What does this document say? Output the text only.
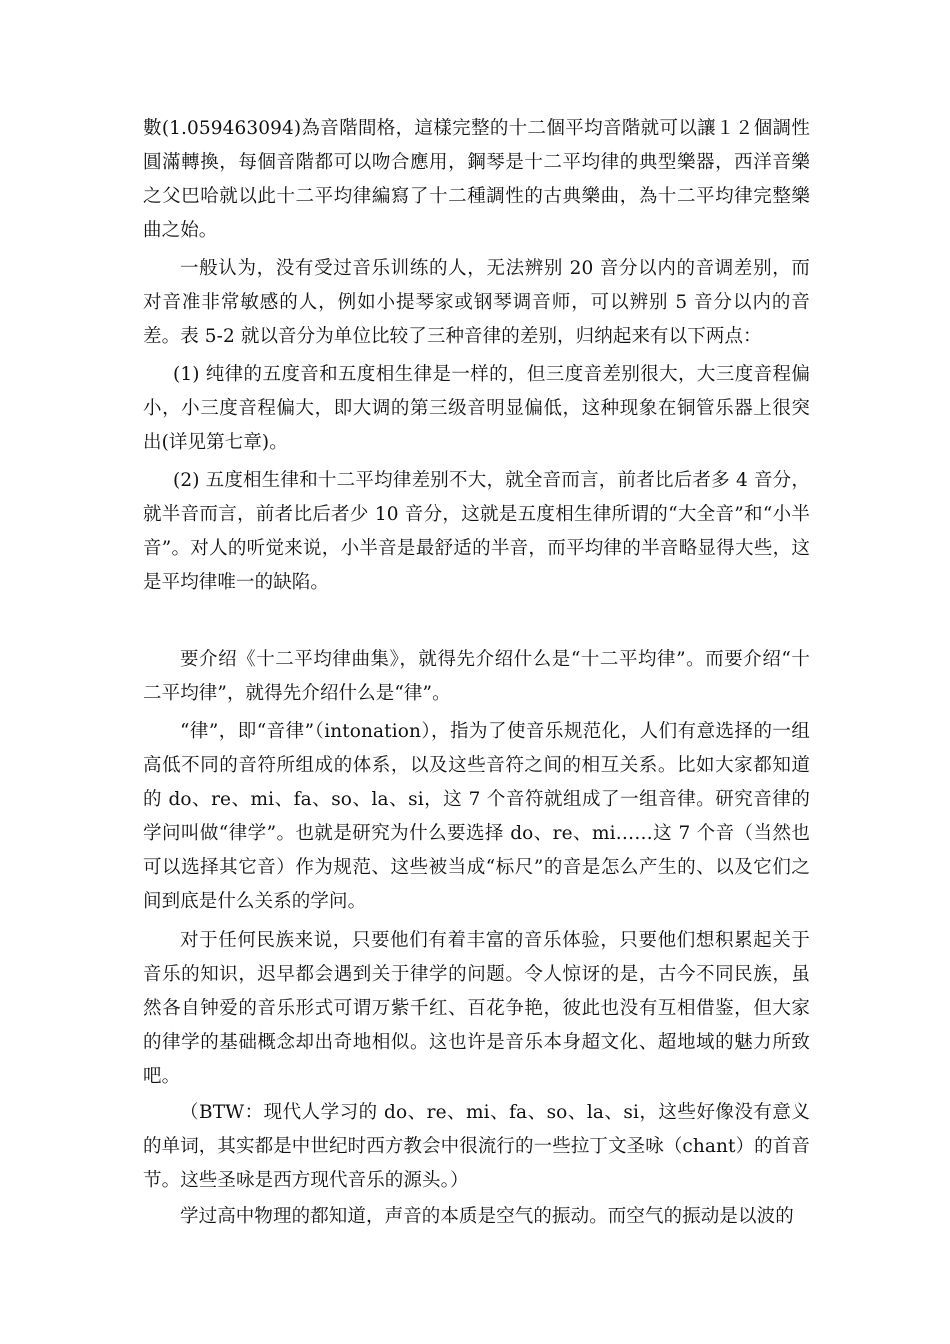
數(1.059463094)為音階間格，這樣完整的十二個平均音階就可以讓１２個調性圓滿轉換，每個音階都可以吻合應用，鋼琴是十二平均律的典型樂器，西洋音樂之父巴哈就以此十二平均律編寫了十二種調性的古典樂曲，為十二平均律完整樂曲之始。

一般认为，没有受过音乐训练的人，无法辨别 20 音分以内的音调差别，而对音准非常敏感的人，例如小提琴家或钢琴调音师，可以辨别 5 音分以内的音差。表 5-2 就以音分为单位比较了三种音律的差别，归纳起来有以下两点：

(1) 纯律的五度音和五度相生律是一样的，但三度音差别很大，大三度音程偏小，小三度音程偏大，即大调的第三级音明显偏低，这种现象在铜管乐器上很突出(详见第七章)。

(2) 五度相生律和十二平均律差别不大，就全音而言，前者比后者多 4 音分，就半音而言，前者比后者少 10 音分，这就是五度相生律所谓的“大全音”和“小半音”。对人的听觉来说，小半音是最舒适的半音，而平均律的半音略显得大些，这是平均律唯一的缺陷。

要介绍《十二平均律曲集》，就得先介绍什么是“十二平均律”。而要介绍“十二平均律”，就得先介绍什么是“律”。

“律”，即“音律”（intonation），指为了使音乐规范化，人们有意选择的一组高低不同的音符所组成的体系，以及这些音符之间的相互关系。比如大家都知道的 do、re、mi、fa、so、la、si，这 7 个音符就组成了一组音律。研究音律的学问叫做“律学”。也就是研究为什么要选择 do、re、mi……这 7 个音（当然也可以选择其它音）作为规范、这些被当成“标尺”的音是怎么产生的、以及它们之间到底是什么关系的学问。

对于任何民族来说，只要他们有着丰富的音乐体验，只要他们想积累起关于音乐的知识，迟早都会遇到关于律学的问题。令人惊讶的是，古今不同民族，虽然各自钟爱的音乐形式可谓万紫千红、百花争艳，彼此也没有互相借鉴，但大家的律学的基础概念却出奇地相似。这也许是音乐本身超文化、超地域的魅力所致吧。

（BTW：现代人学习的 do、re、mi、fa、so、la、si，这些好像没有意义的单词，其实都是中世纪时西方教会中很流行的一些拉丁文圣咏（chant）的首音节。这些圣咏是西方现代音乐的源头。）

学过高中物理的都知道，声音的本质是空气的振动。而空气的振动是以波的
